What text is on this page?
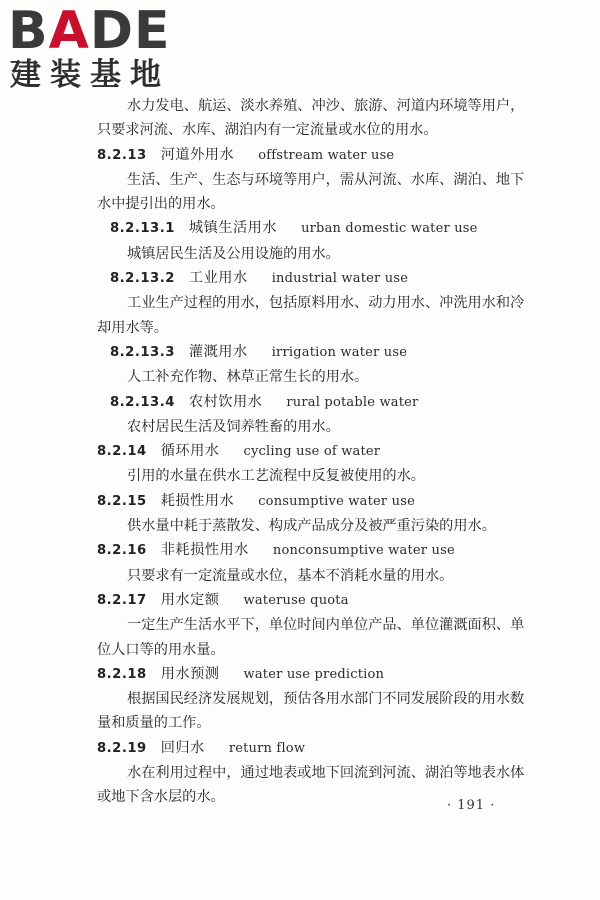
BADE
建装基地

水力发电、航运、淡水养殖、冲沙、旅游、河道内环境等用户，只要求河流、水库、湖泊内有一定流量或水位的用水。

8.2.13 河道外用水 offstream water use

生活、生产、生态与环境等用户，需从河流、水库、湖泊、地下水中提引出的用水。

8.2.13.1 城镇生活用水 urban domestic water use

城镇居民生活及公用设施的用水。

8.2.13.2 工业用水 industrial water use

工业生产过程的用水，包括原料用水、动力用水、冲洗用水和冷却用水等。

8.2.13.3 灌溉用水 irrigation water use

人工补充作物、林草正常生长的用水。

8.2.13.4 农村饮用水 rural potable water

农村居民生活及饲养牲畜的用水。

8.2.14 循环用水 cycling use of water

引用的水量在供水工艺流程中反复被使用的水。

8.2.15 耗损性用水 consumptive water use

供水量中耗于蒸散发、构成产品成分及被严重污染的用水。

8.2.16 非耗损性用水 nonconsumptive water use

只要求有一定流量或水位，基本不消耗水量的用水。

8.2.17 用水定额 wateruse quota

一定生产生活水平下，单位时间内单位产品、单位灌溉面积、单位人口等的用水量。

8.2.18 用水预测 water use prediction

根据国民经济发展规划，预估各用水部门不同发展阶段的用水数量和质量的工作。

8.2.19 回归水 return flow

水在利用过程中，通过地表或地下回流到河流、湖泊等地表水体或地下含水层的水。

· 191 ·
